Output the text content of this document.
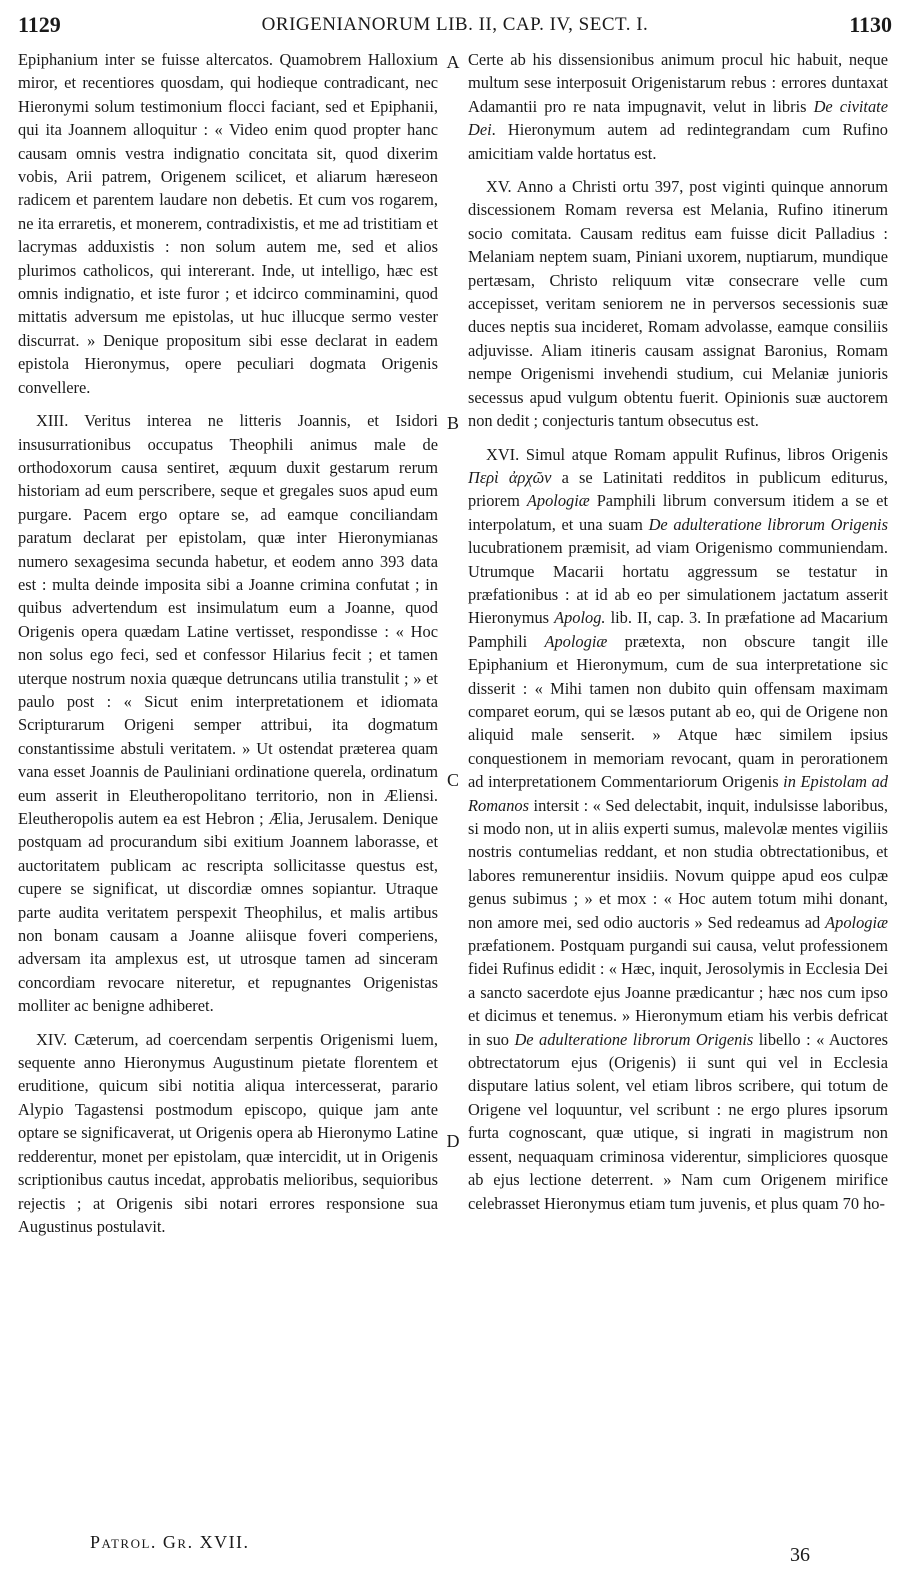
1129	ORIGENIANORUM LIB. II, CAP. IV, SECT. I.	1130

Epiphanium inter se fuisse altercatos. Quamobrem Halloxium miror, et recentiores quosdam, qui hodieque contradicant, nec Hieronymi solum testimonium flocci faciant, sed et Epiphanii, qui ita Joannem alloquitur : « Video enim quod propter hanc causam omnis vestra indignatio concitata sit, quod dixerim vobis, Arii patrem, Origenem scilicet, et aliarum hæreseon radicem et parentem laudare non debetis. Et cum vos rogarem, ne ita erraretis, et monerem, contradixistis, et me ad tristitiam et lacrymas adduxistis : non solum autem me, sed et alios plurimos catholicos, qui intererant. Inde, ut intelligo, hæc est omnis indignatio, et iste furor ; et idcirco comminamini, quod mittatis adversum me epistolas, ut huc illucque sermo vester discurrat. » Denique propositum sibi esse declarat in eadem epistola Hieronymus, opere peculiari dogmata Origenis convellere.

XIII. Veritus interea ne litteris Joannis, et Isidori insusurrationibus occupatus Theophili animus male de orthodoxorum causa sentiret, æquum duxit gestarum rerum historiam ad eum perscribere, seque et gregales suos apud eum purgare. Pacem ergo optare se, ad eamque conciliandam paratum declarat per epistolam, quæ inter Hieronymianas numero sexagesima secunda habetur, et eodem anno 393 data est : multa deinde imposita sibi a Joanne crimina confutat ; in quibus advertendum est insimulatum eum a Joanne, quod Origenis opera quædam Latine vertisset, respondisse : « Hoc non solus ego feci, sed et confessor Hilarius fecit ; et tamen uterque nostrum noxia quæque detruncans utilia transtulit ; » et paulo post : « Sicut enim interpretationem et idiomata Scripturarum Origeni semper attribui, ita dogmatum constantissime abstuli veritatem. » Ut ostendat præterea quam vana esset Joannis de Pauliniani ordinatione querela, ordinatum eum asserit in Eleutheropolitano territorio, non in Æliensi. Eleutheropolis autem ea est Hebron ; Ælia, Jerusalem. Denique postquam ad procurandum sibi exitium Joannem laborasse, et auctoritatem publicam ac rescripta sollicitasse questus est, cupere se significat, ut discordiæ omnes sopiantur. Utraque parte audita veritatem perspexit Theophilus, et malis artibus non bonam causam a Joanne aliisque foveri comperiens, adversam ita amplexus est, ut utrosque tamen ad sinceram concordiam revocare niteretur, et repugnantes Origenistas molliter ac benigne adhiberet.

XIV. Cæterum, ad coercendam serpentis Origenismi luem, sequente anno Hieronymus Augustinum pietate florentem et eruditione, quicum sibi notitia aliqua intercesserat, parario Alypio Tagastensi postmodum episcopo, quique jam ante optare se significaverat, ut Origenis opera ab Hieronymo Latine redderentur, monet per epistolam, quæ intercidit, ut in Origenis scriptionibus cautus incedat, approbatis melioribus, sequioribus rejectis ; at Origenis sibi notari errores responsione sua Augustinus postulavit.

Certe ab his dissensionibus animum procul hic habuit, neque multum sese interposuit Origenistarum rebus : errores duntaxat Adamantii pro re nata impugnavit, velut in libris De civitate Dei. Hieronymum autem ad redintegrandam cum Rufino amicitiam valde hortatus est.

XV. Anno a Christi ortu 397, post viginti quinque annorum discessionem Romam reversa est Melania, Rufino itinerum socio comitata. Causam reditus eam fuisse dicit Palladius : Melaniam neptem suam, Piniani uxorem, nuptiarum, mundique pertæsam, Christo reliquum vitæ consecrare velle cum accepisset, veritam seniorem ne in perversos secessionis suæ duces neptis sua incideret, Romam advolasse, eamque consiliis adjuvisse. Aliam itineris causam assignat Baronius, Romam nempe Origenismi invehendi studium, cui Melaniæ junioris secessus apud vulgum obtentu fuerit. Opinionis suæ auctorem non dedit ; conjecturis tantum obsecutus est.

XVI. Simul atque Romam appulit Rufinus, libros Origenis Περὶ ἀρχῶν a se Latinitati redditos in publicum editurus, priorem Apologiæ Pamphili librum conversum itidem a se et interpolatum, et una suam De adulteratione librorum Origenis lucubrationem præmisit, ad viam Origenismo communiendam. Utrumque Macarii hortatu aggressum se testatur in præfationibus : at id ab eo per simulationem jactatum asserit Hieronymus Apolog. lib. II, cap. 3. In præfatione ad Macarium Pamphili Apologiæ prætexta, non obscure tangit ille Epiphanium et Hieronymum, cum de sua interpretatione sic disserit : « Mihi tamen non dubito quin offensam maximam comparet eorum, qui se læsos putant ab eo, qui de Origene non aliquid male senserit. » Atque hæc similem ipsius conquestionem in memoriam revocant, quam in perorationem ad interpretationem Commentariorum Origenis in Epistolam ad Romanos intersit : « Sed delectabit, inquit, indulsisse laboribus, si modo non, ut in aliis experti sumus, malevolæ mentes vigiliis nostris contumelias reddant, et non studia obtrectationibus, et labores remunerentur insidiis. Novum quippe apud eos culpæ genus subimus ; » et mox : « Hoc autem totum mihi donant, non amore mei, sed odio auctoris » Sed redeamus ad Apologiæ præfationem. Postquam purgandi sui causa, velut professionem fidei Rufinus edidit : « Hæc, inquit, Jerosolymis in Ecclesia Dei a sancto sacerdote ejus Joanne prædicantur ; hæc nos cum ipso et dicimus et tenemus. » Hieronymum etiam his verbis defricat in suo De adulteratione librorum Origenis libello : « Auctores obtrectatorum ejus (Origenis) ii sunt qui vel in Ecclesia disputare latius solent, vel etiam libros scribere, qui totum de Origene vel loquuntur, vel scribunt : ne ergo plures ipsorum furta cognoscant, quæ utique, si ingrati in magistrum non essent, nequaquam criminosa viderentur, simpliciores quosque ab ejus lectione deterrent. » Nam cum Origenem mirifice celebrasset Hieronymus etiam tum juvenis, et plus quam 70 ho-

A
B
C
D
Patrol. Gr. XVII.
36
